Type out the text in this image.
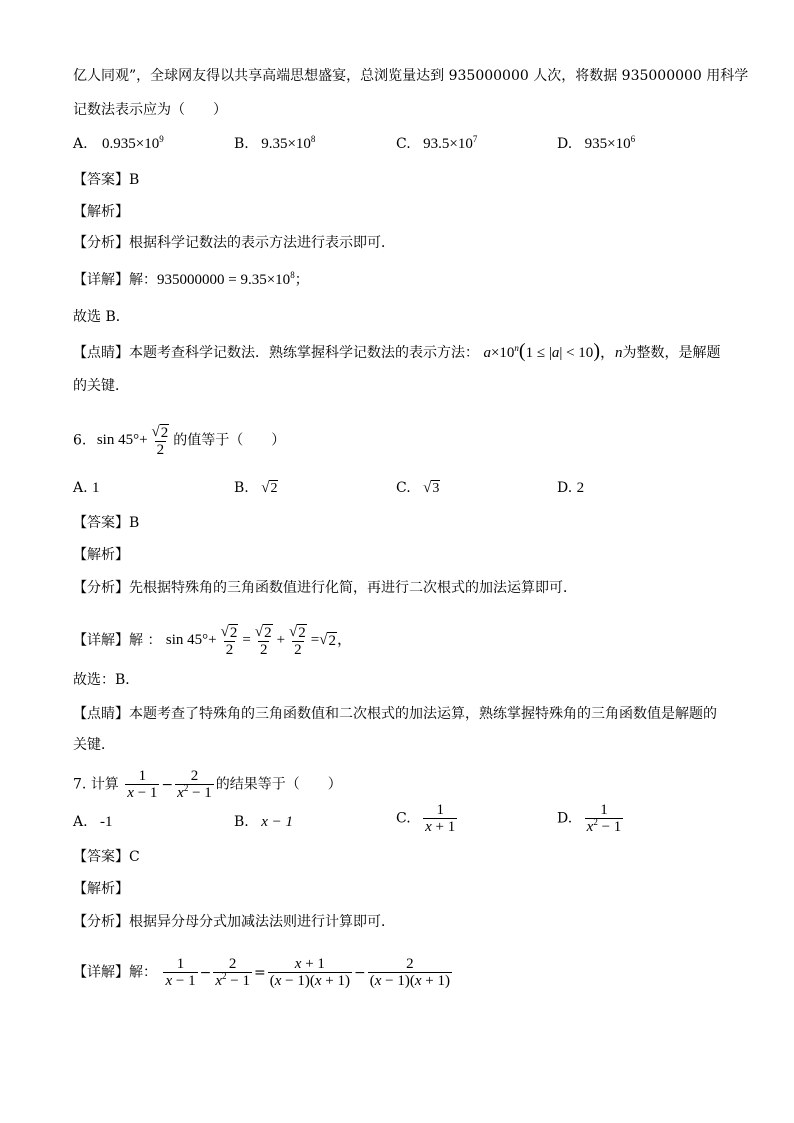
亿人同观”，全球网友得以共享高端思想盛宴，总浏览量达到 935000000 人次，将数据 935000000 用科学
记数法表示应为（　　）
A. $0.935\times 10^9$	B. $9.35\times 10^8$	C. $93.5\times 10^7$	D. $935\times 10^6$
【答案】B
【解析】
【分析】根据科学记数法的表示方法进行表示即可．
【详解】解：$935000000 = 9.35\times 10^8$；
故选 B．
【点睛】本题考查科学记数法．熟练掌握科学记数法的表示方法： $a\times 10^n(1 \le |a| < 10)$，n为整数，是解题
的关键．
6. $\sin 45^\circ+ \frac{√ 2}{2}$ 的值等于（　　）
A. 1	B. √ 2	C. √ 3	D. 2
【答案】B
【解析】
【分析】先根据特殊角的三角函数值进行化简，再进行二次根式的加法运算即可．
【详解】解 ： $\sin 45^\circ+ \frac{√ 2}{2} = \frac{√ 2}{2} + \frac{√ 2}{2}$ = √ 2 ，
故选：B．
【点睛】本题考查了特殊角的三角函数值和二次根式的加法运算，熟练掌握特殊角的三角函数值是解题的
关键．
7. 计算 $\frac{1}{x - 1} - \frac{2}{x^2 - 1}$ 的结果等于（　　）
A. -1	B. x − 1	C. $\frac{1}{x + 1}$	D. $\frac{1}{x^2 - 1}$
【答案】C
【解析】
【分析】根据异分母分式加减法法则进行计算即可．
【详解】解： $\frac{1}{x - 1} - \frac{2}{x^2 - 1} = \frac{x + 1}{(x - 1)(x + 1)} - \frac{2}{(x - 1)(x + 1)}$
